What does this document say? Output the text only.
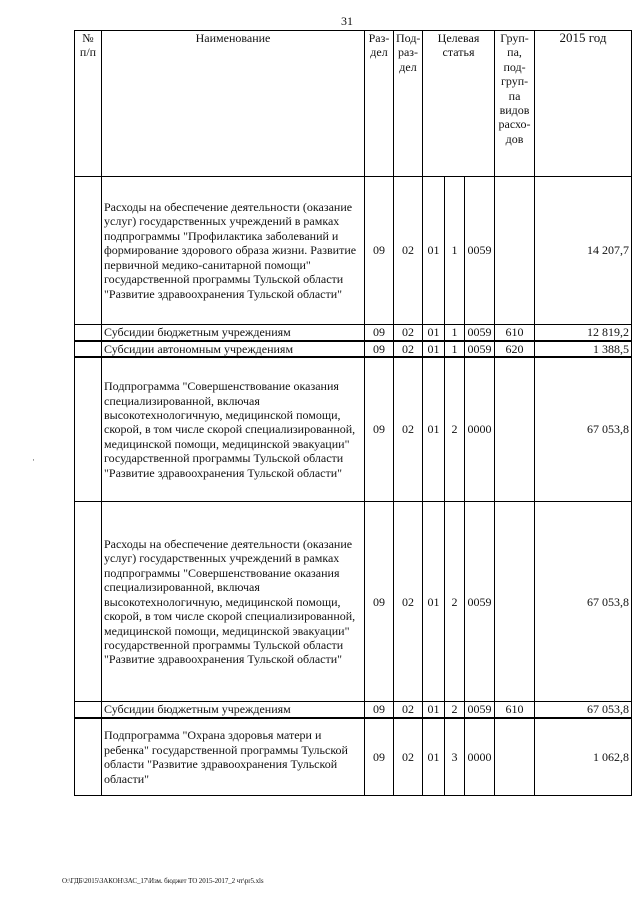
31
№ п/п	Наименование	Раз-дел	Под-раз-дел	Целевая статья			Груп-па, под-груп-па видов расхо-дов	2015 год
	Расходы на обеспечение деятельности (оказание услуг) государственных учреждений в рамках подпрограммы "Профилактика заболеваний и формирование здорового образа жизни. Развитие первичной медико-санитарной помощи" государственной программы Тульской области "Развитие здравоохранения Тульской области"	09	02	01	1	0059		14 207,7
	Субсидии бюджетным учреждениям	09	02	01	1	0059	610	12 819,2
	Субсидии автономным учреждениям	09	02	01	1	0059	620	1 388,5
	Подпрограмма "Совершенствование оказания специализированной, включая высокотехнологичную, медицинской помощи, скорой, в том числе скорой специализированной, медицинской помощи, медицинской эвакуации" государственной программы Тульской области "Развитие здравоохранения Тульской области"	09	02	01	2	0000		67 053,8
	Расходы на обеспечение деятельности (оказание услуг) государственных учреждений в рамках подпрограммы "Совершенствование оказания специализированной, включая высокотехнологичную, медицинской помощи, скорой, в том числе скорой специализированной, медицинской помощи, медицинской эвакуации" государственной программы Тульской области "Развитие здравоохранения Тульской области"	09	02	01	2	0059		67 053,8
	Субсидии бюджетным учреждениям	09	02	01	2	0059	610	67 053,8
	Подпрограмма "Охрана здоровья матери и ребенка" государственной программы Тульской области "Развитие здравоохранения Тульской области"	09	02	01	3	0000		1 062,8
·
O:\ГДБ\2015\ЗАКОН\ЗАС_17\Изм. бюджет ТО 2015-2017_2 чт\pr5.xls
